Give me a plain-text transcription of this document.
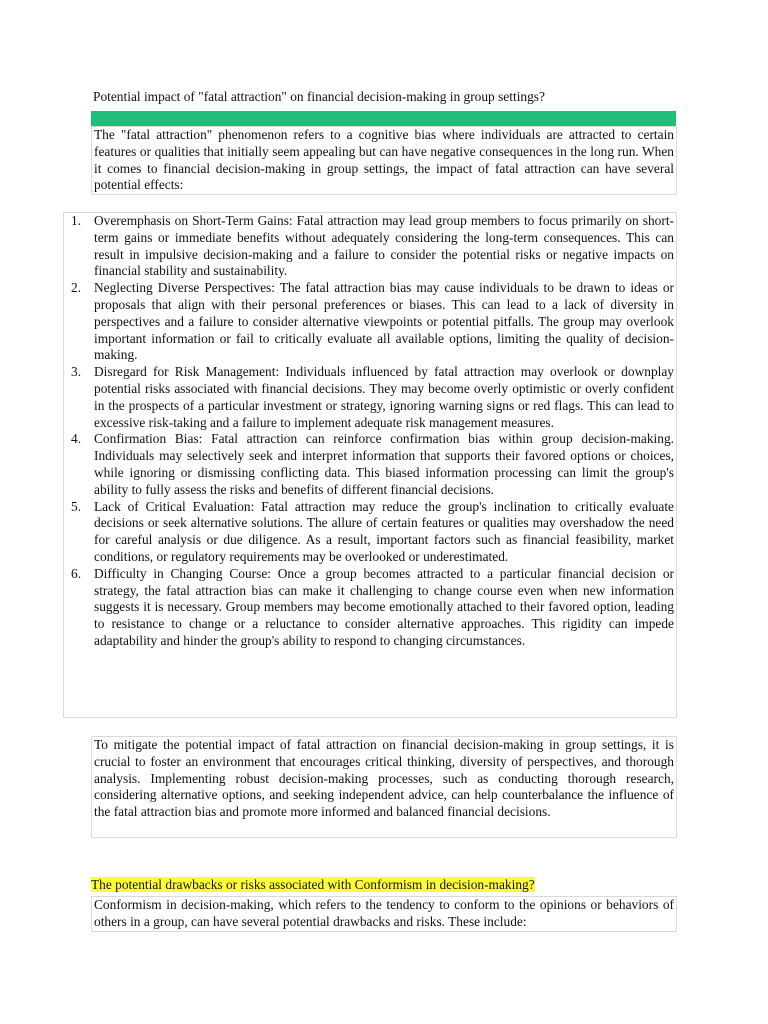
Potential impact of "fatal attraction" on financial decision-making in group settings?
The "fatal attraction" phenomenon refers to a cognitive bias where individuals are attracted to certain features or qualities that initially seem appealing but can have negative consequences in the long run. When it comes to financial decision-making in group settings, the impact of fatal attraction can have several potential effects:
1. Overemphasis on Short-Term Gains: Fatal attraction may lead group members to focus primarily on short-term gains or immediate benefits without adequately considering the long-term consequences. This can result in impulsive decision-making and a failure to consider the potential risks or negative impacts on financial stability and sustainability.
2. Neglecting Diverse Perspectives: The fatal attraction bias may cause individuals to be drawn to ideas or proposals that align with their personal preferences or biases. This can lead to a lack of diversity in perspectives and a failure to consider alternative viewpoints or potential pitfalls. The group may overlook important information or fail to critically evaluate all available options, limiting the quality of decision-making.
3. Disregard for Risk Management: Individuals influenced by fatal attraction may overlook or downplay potential risks associated with financial decisions. They may become overly optimistic or overly confident in the prospects of a particular investment or strategy, ignoring warning signs or red flags. This can lead to excessive risk-taking and a failure to implement adequate risk management measures.
4. Confirmation Bias: Fatal attraction can reinforce confirmation bias within group decision-making. Individuals may selectively seek and interpret information that supports their favored options or choices, while ignoring or dismissing conflicting data. This biased information processing can limit the group's ability to fully assess the risks and benefits of different financial decisions.
5. Lack of Critical Evaluation: Fatal attraction may reduce the group's inclination to critically evaluate decisions or seek alternative solutions. The allure of certain features or qualities may overshadow the need for careful analysis or due diligence. As a result, important factors such as financial feasibility, market conditions, or regulatory requirements may be overlooked or underestimated.
6. Difficulty in Changing Course: Once a group becomes attracted to a particular financial decision or strategy, the fatal attraction bias can make it challenging to change course even when new information suggests it is necessary. Group members may become emotionally attached to their favored option, leading to resistance to change or a reluctance to consider alternative approaches. This rigidity can impede adaptability and hinder the group's ability to respond to changing circumstances.
To mitigate the potential impact of fatal attraction on financial decision-making in group settings, it is crucial to foster an environment that encourages critical thinking, diversity of perspectives, and thorough analysis. Implementing robust decision-making processes, such as conducting thorough research, considering alternative options, and seeking independent advice, can help counterbalance the influence of the fatal attraction bias and promote more informed and balanced financial decisions.
The potential drawbacks or risks associated with Conformism in decision-making?
Conformism in decision-making, which refers to the tendency to conform to the opinions or behaviors of others in a group, can have several potential drawbacks and risks. These include:
